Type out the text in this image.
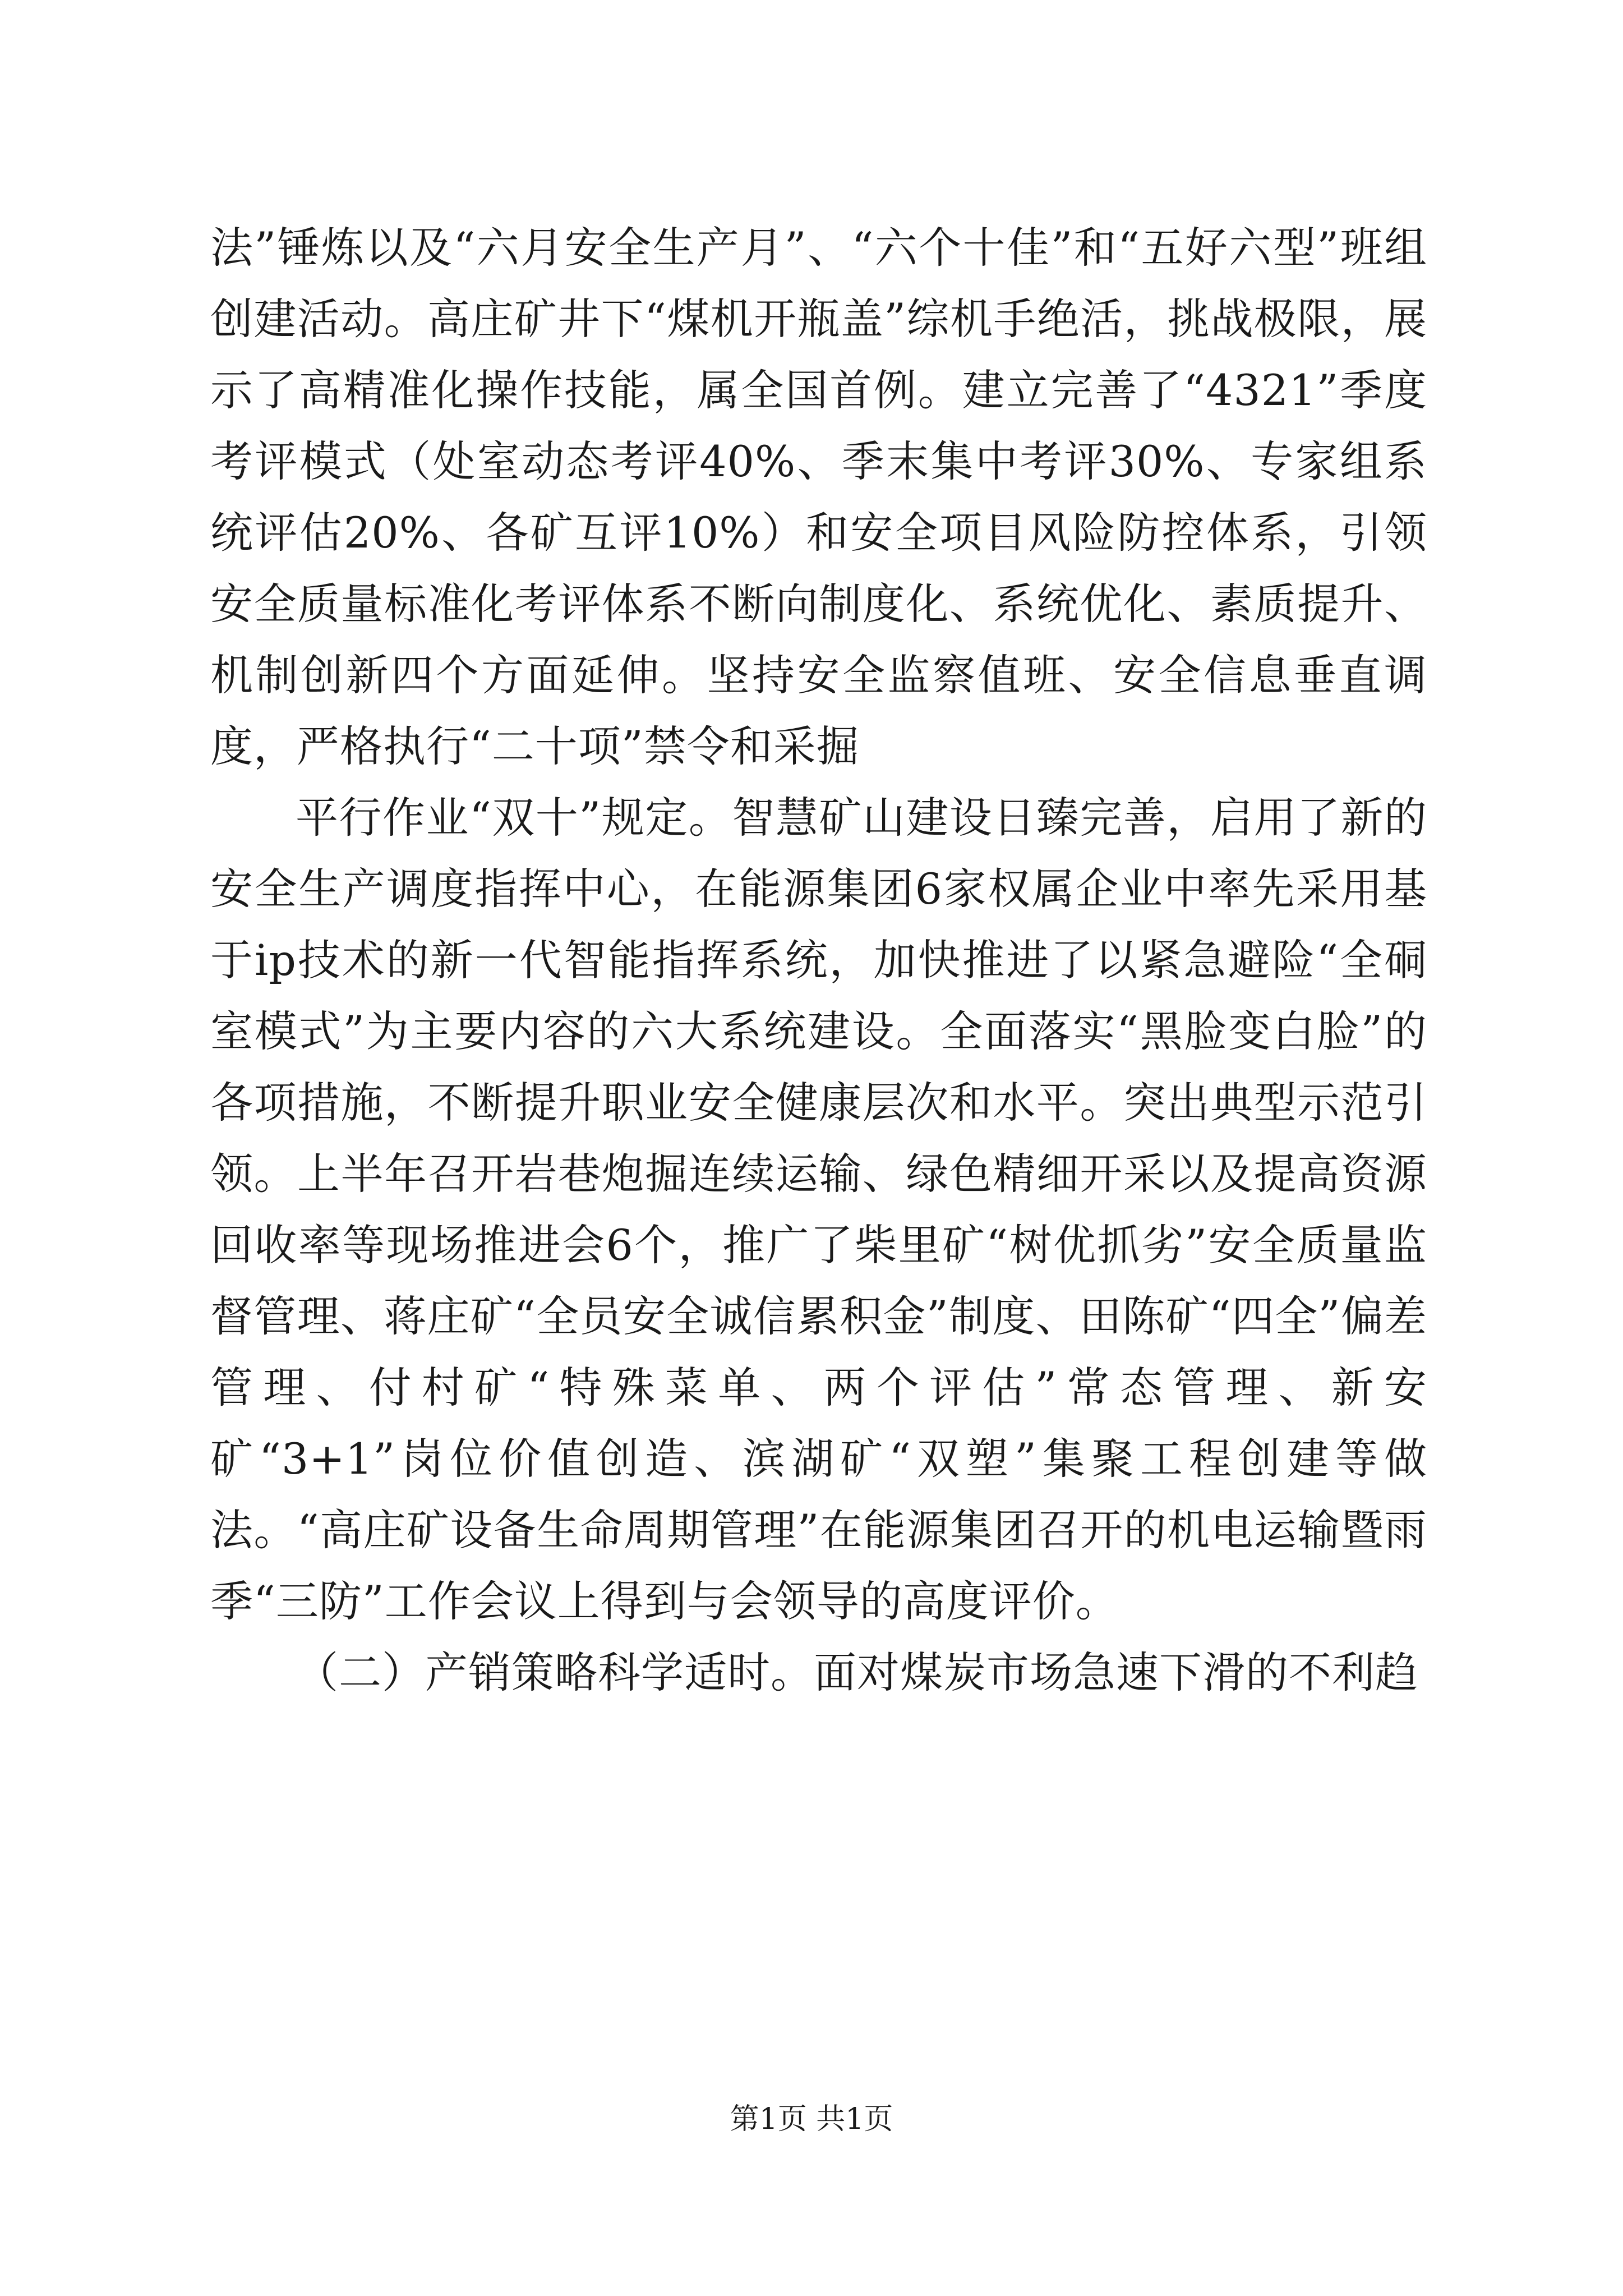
法”锤炼以及“六月安全生产月”、“六个十佳”和“五好六型”班组创建活动。高庄矿井下“煤机开瓶盖”综机手绝活，挑战极限，展示了高精准化操作技能，属全国首例。建立完善了“4321”季度考评模式（处室动态考评40%、季末集中考评30%、专家组系统评估20%、各矿互评10%）和安全项目风险防控体系，引领安全质量标准化考评体系不断向制度化、系统优化、素质提升、机制创新四个方面延伸。坚持安全监察值班、安全信息垂直调度，严格执行“二十项”禁令和采掘

平行作业“双十”规定。智慧矿山建设日臻完善，启用了新的安全生产调度指挥中心，在能源集团6家权属企业中率先采用基于ip技术的新一代智能指挥系统，加快推进了以紧急避险“全硐室模式”为主要内容的六大系统建设。全面落实“黑脸变白脸”的各项措施，不断提升职业安全健康层次和水平。突出典型示范引领。上半年召开岩巷炮掘连续运输、绿色精细开采以及提高资源回收率等现场推进会6个，推广了柴里矿“树优抓劣”安全质量监督管理、蒋庄矿“全员安全诚信累积金”制度、田陈矿“四全”偏差管理、付村矿“特殊菜单、两个评估”常态管理、新安矿“3+1”岗位价值创造、滨湖矿“双塑”集聚工程创建等做法。“高庄矿设备生命周期管理”在能源集团召开的机电运输暨雨季“三防”工作会议上得到与会领导的高度评价。

（二）产销策略科学适时。面对煤炭市场急速下滑的不利趋

第1页 共1页
